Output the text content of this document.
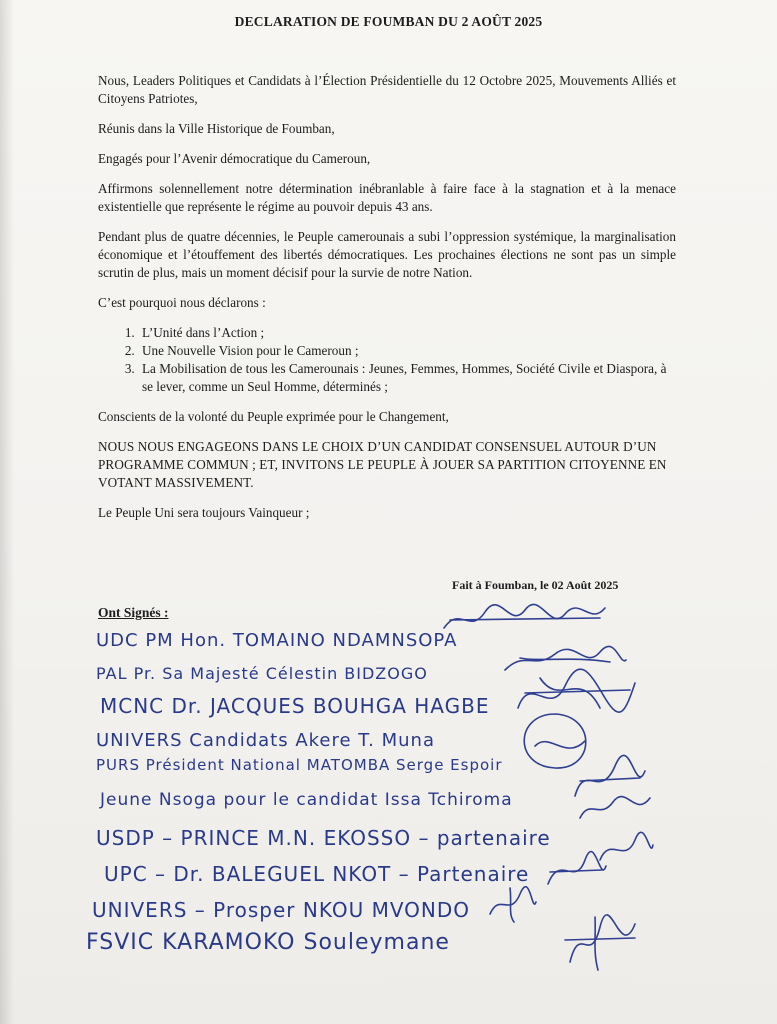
DECLARATION DE FOUMBAN DU 2 AOÛT 2025

Nous, Leaders Politiques et Candidats à l’Élection Présidentielle du 12 Octobre 2025, Mouvements Alliés et Citoyens Patriotes,

Réunis dans la Ville Historique de Foumban,

Engagés pour l’Avenir démocratique du Cameroun,

Affirmons solennellement notre détermination inébranlable à faire face à la stagnation et à la menace existentielle que représente le régime au pouvoir depuis 43 ans.

Pendant plus de quatre décennies, le Peuple camerounais a subi l’oppression systémique, la marginalisation économique et l’étouffement des libertés démocratiques. Les prochaines élections ne sont pas un simple scrutin de plus, mais un moment décisif pour la survie de notre Nation.

C’est pourquoi nous déclarons :

1. L’Unité dans l’Action ;
2. Une Nouvelle Vision pour le Cameroun ;
3. La Mobilisation de tous les Camerounais : Jeunes, Femmes, Hommes, Société Civile et Diaspora, à se lever, comme un Seul Homme, déterminés ;

Conscients de la volonté du Peuple exprimée pour le Changement,

NOUS NOUS ENGAGEONS DANS LE CHOIX D’UN CANDIDAT CONSENSUEL AUTOUR D’UN PROGRAMME COMMUN ; ET, INVITONS LE PEUPLE À JOUER SA PARTITION CITOYENNE EN VOTANT MASSIVEMENT.

Le Peuple Uni sera toujours Vainqueur ;

Fait à Foumban, le 02 Août 2025
Ont Signés :
UDC PM Hon. TOMAINO NDAMNSOPA
PAL Pr. Sa Majesté Célestin BIDZOGO
MCNC Dr. JACQUES BOUHGA HAGBE
UNIVERS Candidats Akere T. Muna
PURS Président National MATOMBA Serge Espoir
Jeune Nsoga pour le candidat Issa Tchiroma
USDP – PRINCE M.N. EKOSSO – partenaire
UPC – Dr. BALEGUEL NKOT – Partenaire
UNIVERS – Prosper NKOU MVONDO
FSVIC KARAMOKO Souleymane
